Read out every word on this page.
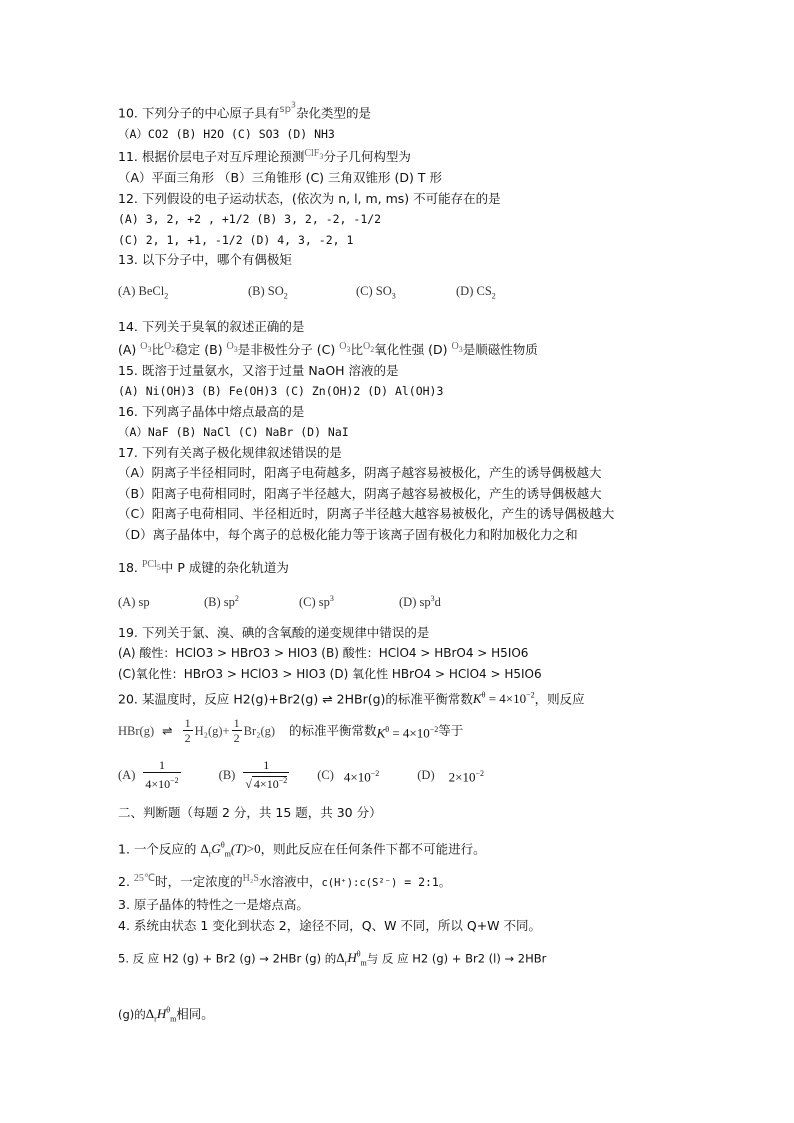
10. 下列分子的中心原子具有$^{sp^3}$杂化类型的是
（A）CO2 (B) H2O (C) SO3 (D) NH3
11. 根据价层电子对互斥理论预测$^{ClF_3}$分子几何构型为
（A）平面三角形 （B）三角锥形 (C) 三角双锥形 (D) T 形
12. 下列假设的电子运动状态，(依次为 n, l, m, ms) 不可能存在的是
(A) 3, 2, +2 , +1/2 (B) 3, 2, -2, -1/2
(C) 2, 1, +1, -1/2 (D) 4, 3, -2, 1
13. 以下分子中，哪个有偶极矩
(A) BeCl$_2$	(B) $SO_2$	(C) $SO_3$	(D) $CS_2$
14. 下列关于臭氧的叙述正确的是
(A) $^{O_3}$比$^{O_2}$稳定 (B) $^{O_3}$是非极性分子 (C) $^{O_3}$比$^{O_2}$氧化性强 (D) $^{O_3}$是顺磁性物质
15. 既溶于过量氨水，又溶于过量 NaOH 溶液的是
(A) Ni(OH)3 (B) Fe(OH)3 (C) Zn(OH)2 (D) Al(OH)3
16. 下列离子晶体中熔点最高的是
（A）NaF (B) NaCl (C) NaBr (D) NaI
17. 下列有关离子极化规律叙述错误的是
（A）阴离子半径相同时，阳离子电荷越多，阴离子越容易被极化，产生的诱导偶极越大
（B）阳离子电荷相同时，阳离子半径越大，阴离子越容易被极化，产生的诱导偶极越大
（C）阳离子电荷相同、半径相近时，阴离子半径越大越容易被极化，产生的诱导偶极越大
（D）离子晶体中，每个离子的总极化能力等于该离子固有极化力和附加极化力之和
18. $^{PCl_5}$中 P 成键的杂化轨道为
(A) sp	(B) $sp^2$	(C) $sp^3$	(D) $sp^3d$
19. 下列关于氯、溴、碘的含氧酸的递变规律中错误的是
(A) 酸性：HClO3 > HBrO3 > HIO3 (B) 酸性：HClO4 > HBrO4 > H5IO6
(C)氧化性：HBrO3 > HClO3 > HIO3 (D) 氧化性 HBrO4 > HClO4 > H5IO6
20. 某温度时，反应 H2(g)+Br2(g) ⇌ 2HBr(g)的标准平衡常数$K^\theta = 4\times 10^{-2}$，则反应
HBr(g) ⇌ $\frac{1}{2} H_2(g)+ \frac{1}{2} Br_2(g)$ 的标准平衡常数 $K^\theta = 4\times 10^{-2}$ 等于
$(A) \frac{1}{4\times 10^{-2}}$	$(B) \frac{1}{√ 4\times 10^{-2}} (C)$ $4\times 10^{-2}$	(D) $2\times 10^{-2}$
二、判断题（每题 2 分，共 15 题，共 30 分）
1. 一个反应的 $\Delta_rG^\theta_m(T)>0$，则此反应在任何条件下都不可能进行。
2. $^{25℃}$时，一定浓度的$^{H_2S}$水溶液中，c(H⁺):c(S²⁻) = 2:1。
3. 原子晶体的特性之一是熔点高。
4. 系统由状态 1 变化到状态 2，途径不同，Q、W 不同，所以 Q+W 不同。
5. 反 应 H2 (g) + Br2 (g) → 2HBr (g) 的$\Delta_rH^\theta_m$与 反 应 H2 (g) + Br2 (l) → 2HBr
(g)的$\Delta_rH^\theta_m$相同。
